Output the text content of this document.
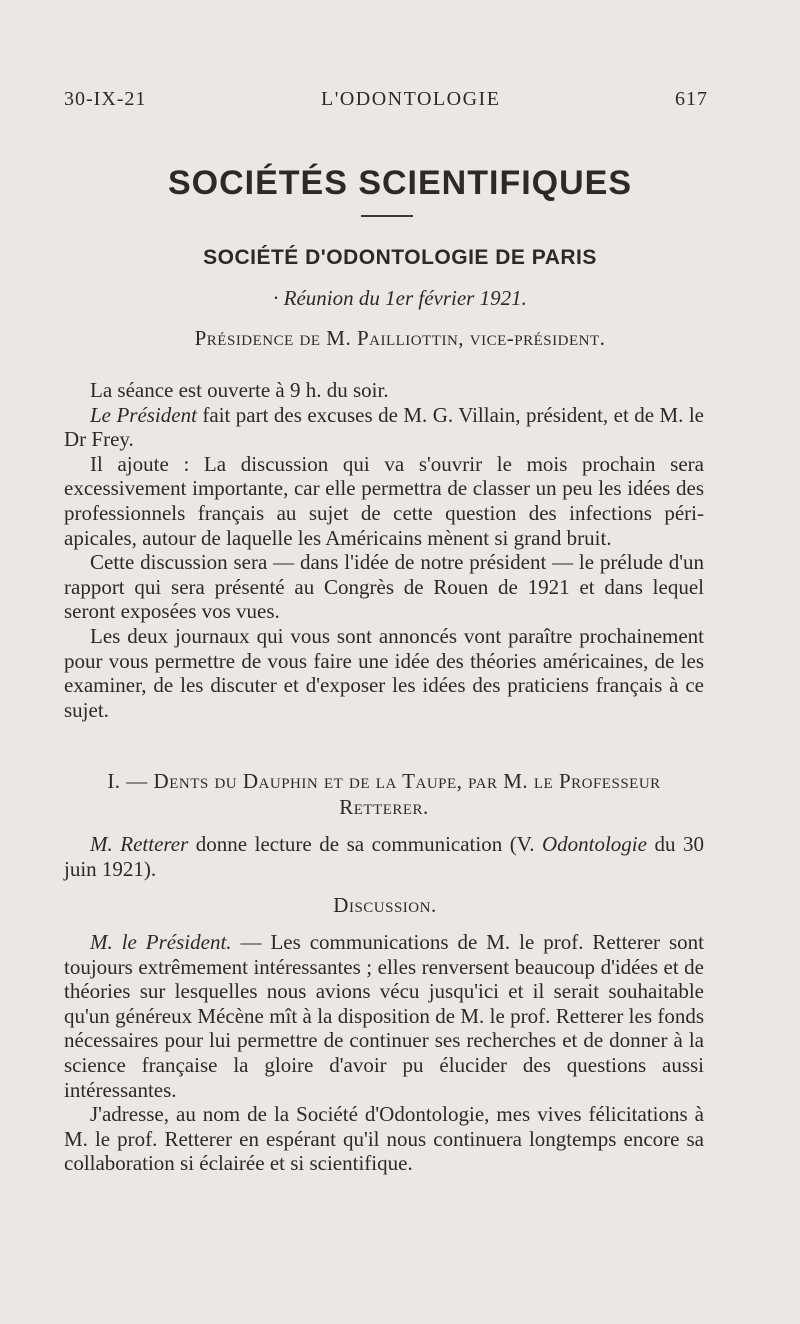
30-IX-21	L'ODONTOLOGIE	617
SOCIÉTÉS SCIENTIFIQUES
SOCIÉTÉ D'ODONTOLOGIE DE PARIS
· Réunion du 1er février 1921.
Présidence de M. Pailliottin, vice-président.

La séance est ouverte à 9 h. du soir.

Le Président fait part des excuses de M. G. Villain, président, et de M. le Dr Frey.

Il ajoute : La discussion qui va s'ouvrir le mois prochain sera excessivement importante, car elle permettra de classer un peu les idées des professionnels français au sujet de cette question des infections péri-apicales, autour de laquelle les Américains mènent si grand bruit.

Cette discussion sera — dans l'idée de notre président — le prélude d'un rapport qui sera présenté au Congrès de Rouen de 1921 et dans lequel seront exposées vos vues.

Les deux journaux qui vous sont annoncés vont paraître prochainement pour vous permettre de vous faire une idée des théories américaines, de les examiner, de les discuter et d'exposer les idées des praticiens français à ce sujet.

I. — Dents du Dauphin et de la Taupe, par M. le Professeur
Retterer.

M. Retterer donne lecture de sa communication (V. Odontologie du 30 juin 1921).

Discussion.

M. le Président. — Les communications de M. le prof. Retterer sont toujours extrêmement intéressantes ; elles renversent beaucoup d'idées et de théories sur lesquelles nous avions vécu jusqu'ici et il serait souhaitable qu'un généreux Mécène mît à la disposition de M. le prof. Retterer les fonds nécessaires pour lui permettre de continuer ses recherches et de donner à la science française la gloire d'avoir pu élucider des questions aussi intéressantes.

J'adresse, au nom de la Société d'Odontologie, mes vives félicitations à M. le prof. Retterer en espérant qu'il nous continuera longtemps encore sa collaboration si éclairée et si scientifique.
